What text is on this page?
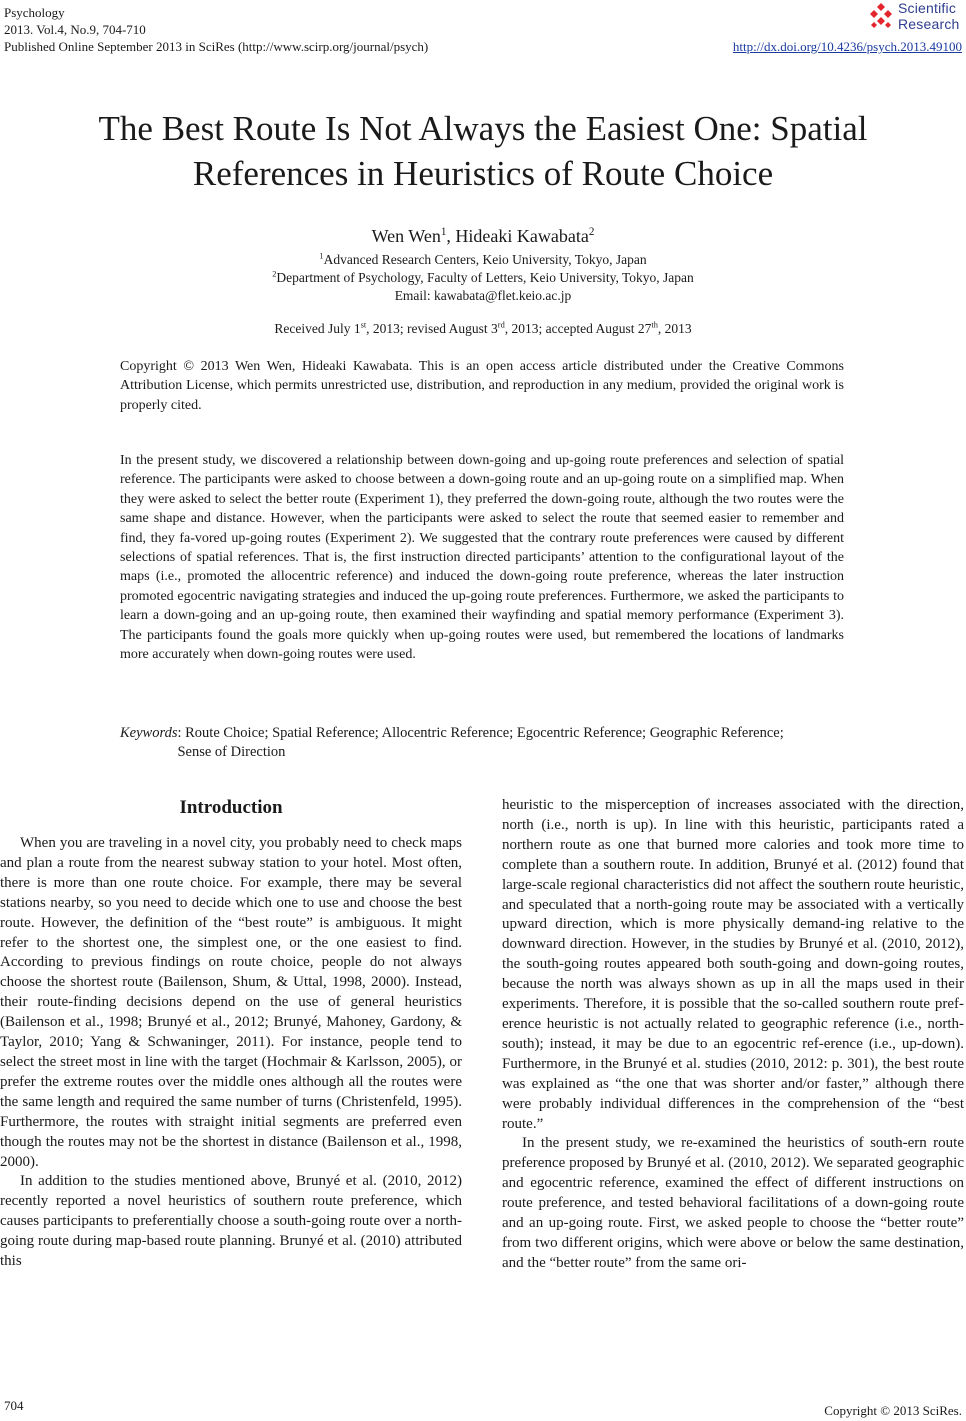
Psychology
2013. Vol.4, No.9, 704-710
Published Online September 2013 in SciRes (http://www.scirp.org/journal/psych)
Scientific
Research
http://dx.doi.org/10.4236/psych.2013.49100
The Best Route Is Not Always the Easiest One: Spatial
References in Heuristics of Route Choice
Wen Wen$^1$, Hideaki Kawabata$^2$
$^1$Advanced Research Centers, Keio University, Tokyo, Japan
$^2$Department of Psychology, Faculty of Letters, Keio University, Tokyo, Japan
Email: kawabata@flet.keio.ac.jp
Received July 1st, 2013; revised August 3rd, 2013; accepted August 27th, 2013
Copyright © 2013 Wen Wen, Hideaki Kawabata. This is an open access article distributed under the Creative Commons Attribution License, which permits unrestricted use, distribution, and reproduction in any medium, provided the original work is properly cited.
In the present study, we discovered a relationship between down-going and up-going route preferences and selection of spatial reference. The participants were asked to choose between a down-going route and an up-going route on a simplified map. When they were asked to select the better route (Experiment 1), they preferred the down-going route, although the two routes were the same shape and distance. However, when the participants were asked to select the route that seemed easier to remember and find, they fa-vored up-going routes (Experiment 2). We suggested that the contrary route preferences were caused by different selections of spatial references. That is, the first instruction directed participants’ attention to the configurational layout of the maps (i.e., promoted the allocentric reference) and induced the down-going route preference, whereas the later instruction promoted egocentric navigating strategies and induced the up-going route preferences. Furthermore, we asked the participants to learn a down-going and an up-going route, then examined their wayfinding and spatial memory performance (Experiment 3). The participants found the goals more quickly when up-going routes were used, but remembered the locations of landmarks more accurately when down-going routes were used.
Keywords: Route Choice; Spatial Reference; Allocentric Reference; Egocentric Reference; Geographic Reference; Sense of Direction
Introduction

When you are traveling in a novel city, you probably need to check maps and plan a route from the nearest subway station to your hotel. Most often, there is more than one route choice. For example, there may be several stations nearby, so you need to decide which one to use and choose the best route. However, the definition of the “best route” is ambiguous. It might refer to the shortest one, the simplest one, or the one easiest to find. According to previous findings on route choice, people do not always choose the shortest route (Bailenson, Shum, & Uttal, 1998, 2000). Instead, their route-finding decisions depend on the use of general heuristics (Bailenson et al., 1998; Brunyé et al., 2012; Brunyé, Mahoney, Gardony, & Taylor, 2010; Yang & Schwaninger, 2011). For instance, people tend to select the street most in line with the target (Hochmair & Karlsson, 2005), or prefer the extreme routes over the middle ones although all the routes were the same length and required the same number of turns (Christenfeld, 1995). Furthermore, the routes with straight initial segments are preferred even though the routes may not be the shortest in distance (Bailenson et al., 1998, 2000).

In addition to the studies mentioned above, Brunyé et al. (2010, 2012) recently reported a novel heuristics of southern route preference, which causes participants to preferentially choose a south-going route over a north-going route during map-based route planning. Brunyé et al. (2010) attributed this

heuristic to the misperception of increases associated with the direction, north (i.e., north is up). In line with this heuristic, participants rated a northern route as one that burned more calories and took more time to complete than a southern route. In addition, Brunyé et al. (2012) found that large-scale regional characteristics did not affect the southern route heuristic, and speculated that a north-going route may be associated with a vertically upward direction, which is more physically demand-ing relative to the downward direction. However, in the studies by Brunyé et al. (2010, 2012), the south-going routes appeared both south-going and down-going routes, because the north was always shown as up in all the maps used in their experiments. Therefore, it is possible that the so-called southern route pref-erence heuristic is not actually related to geographic reference (i.e., north-south); instead, it may be due to an egocentric ref-erence (i.e., up-down). Furthermore, in the Brunyé et al. studies (2010, 2012: p. 301), the best route was explained as “the one that was shorter and/or faster,” although there were probably individual differences in the comprehension of the “best route.”

In the present study, we re-examined the heuristics of south-ern route preference proposed by Brunyé et al. (2010, 2012). We separated geographic and egocentric reference, examined the effect of different instructions on route preference, and tested behavioral facilitations of a down-going route and an up-going route. First, we asked people to choose the “better route” from two different origins, which were above or below the same destination, and the “better route” from the same ori-

704	Copyright © 2013 SciRes.
